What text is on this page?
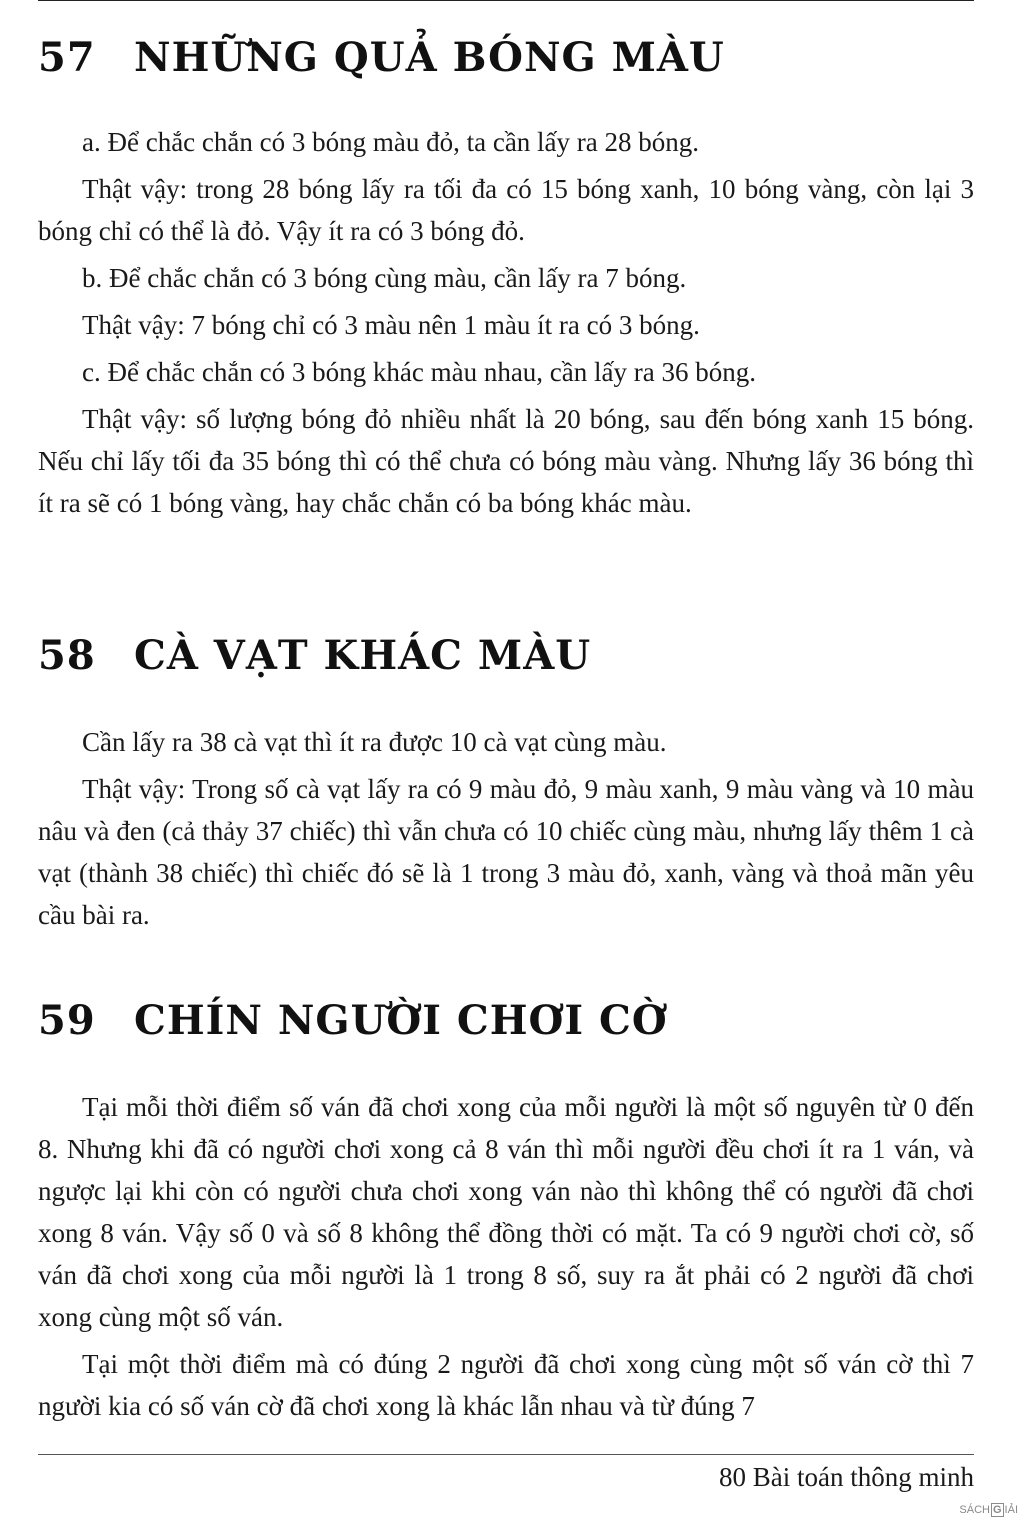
57 NHỮNG QUẢ BÓNG MÀU

a. Để chắc chắn có 3 bóng màu đỏ, ta cần lấy ra 28 bóng.

Thật vậy: trong 28 bóng lấy ra tối đa có 15 bóng xanh, 10 bóng vàng, còn lại 3 bóng chỉ có thể là đỏ. Vậy ít ra có 3 bóng đỏ.

b. Để chắc chắn có 3 bóng cùng màu, cần lấy ra 7 bóng.

Thật vậy: 7 bóng chỉ có 3 màu nên 1 màu ít ra có 3 bóng.

c. Để chắc chắn có 3 bóng khác màu nhau, cần lấy ra 36 bóng.

Thật vậy: số lượng bóng đỏ nhiều nhất là 20 bóng, sau đến bóng xanh 15 bóng. Nếu chỉ lấy tối đa 35 bóng thì có thể chưa có bóng màu vàng. Nhưng lấy 36 bóng thì ít ra sẽ có 1 bóng vàng, hay chắc chắn có ba bóng khác màu.

58 CÀ VẠT KHÁC MÀU

Cần lấy ra 38 cà vạt thì ít ra được 10 cà vạt cùng màu.

Thật vậy: Trong số cà vạt lấy ra có 9 màu đỏ, 9 màu xanh, 9 màu vàng và 10 màu nâu và đen (cả thảy 37 chiếc) thì vẫn chưa có 10 chiếc cùng màu, nhưng lấy thêm 1 cà vạt (thành 38 chiếc) thì chiếc đó sẽ là 1 trong 3 màu đỏ, xanh, vàng và thoả mãn yêu cầu bài ra.

59 CHÍN NGƯỜI CHƠI CỜ

Tại mỗi thời điểm số ván đã chơi xong của mỗi người là một số nguyên từ 0 đến 8. Nhưng khi đã có người chơi xong cả 8 ván thì mỗi người đều chơi ít ra 1 ván, và ngược lại khi còn có người chưa chơi xong ván nào thì không thể có người đã chơi xong 8 ván. Vậy số 0 và số 8 không thể đồng thời có mặt. Ta có 9 người chơi cờ, số ván đã chơi xong của mỗi người là 1 trong 8 số, suy ra ắt phải có 2 người đã chơi xong cùng một số ván.

Tại một thời điểm mà có đúng 2 người đã chơi xong cùng một số ván cờ thì 7 người kia có số ván cờ đã chơi xong là khác lẫn nhau và từ đúng 7

80 Bài toán thông minh
SÁCH G IẢI
